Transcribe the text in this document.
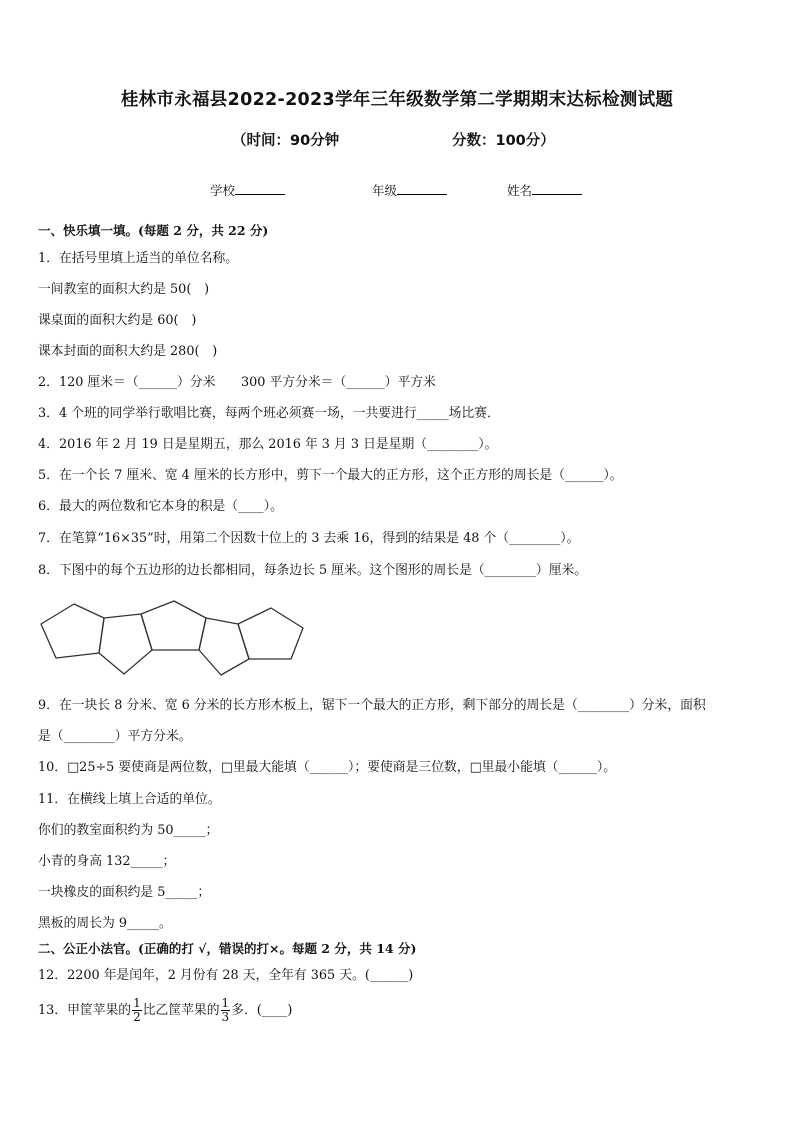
桂林市永福县2022-2023学年三年级数学第二学期期末达标检测试题
（时间：90分钟	分数：100分）
学校	年级	姓名
一、快乐填一填。(每题 2 分，共 22 分)
1．在括号里填上适当的单位名称。
一间教室的面积大约是 50(　)
课桌面的面积大约是 60(　)
课本封面的面积大约是 280(　)
2．120 厘米＝（______）分米　　300 平方分米＝（______）平方米
3．4 个班的同学举行歌唱比赛，每两个班必须赛一场，一共要进行_____场比赛．
4．2016 年 2 月 19 日是星期五，那么 2016 年 3 月 3 日是星期（________）。
5．在一个长 7 厘米、宽 4 厘米的长方形中，剪下一个最大的正方形，这个正方形的周长是（______）。
6．最大的两位数和它本身的积是（____）。
7．在笔算“16×35”时，用第二个因数十位上的 3 去乘 16，得到的结果是 48 个（________）。
8．下图中的每个五边形的边长都相同，每条边长 5 厘米。这个图形的周长是（________）厘米。
9．在一块长 8 分米、宽 6 分米的长方形木板上，锯下一个最大的正方形，剩下部分的周长是（________）分米，面积
是（________）平方分米。
10．□25÷5 要使商是两位数，□里最大能填（______）；要使商是三位数，□里最小能填（______）。
11．在横线上填上合适的单位。
你们的教室面积约为 50_____；
小青的身高 132_____；
一块橡皮的面积约是 5_____；
黑板的周长为 9_____。
二、公正小法官。(正确的打 √，错误的打×。每题 2 分，共 14 分)
12．2200 年是闰年，2 月份有 28 天，全年有 365 天。(______)
13．甲筐苹果的 $\frac{1}{2}$ 比乙筐苹果的 $\frac{1}{3}$ 多．(____)
